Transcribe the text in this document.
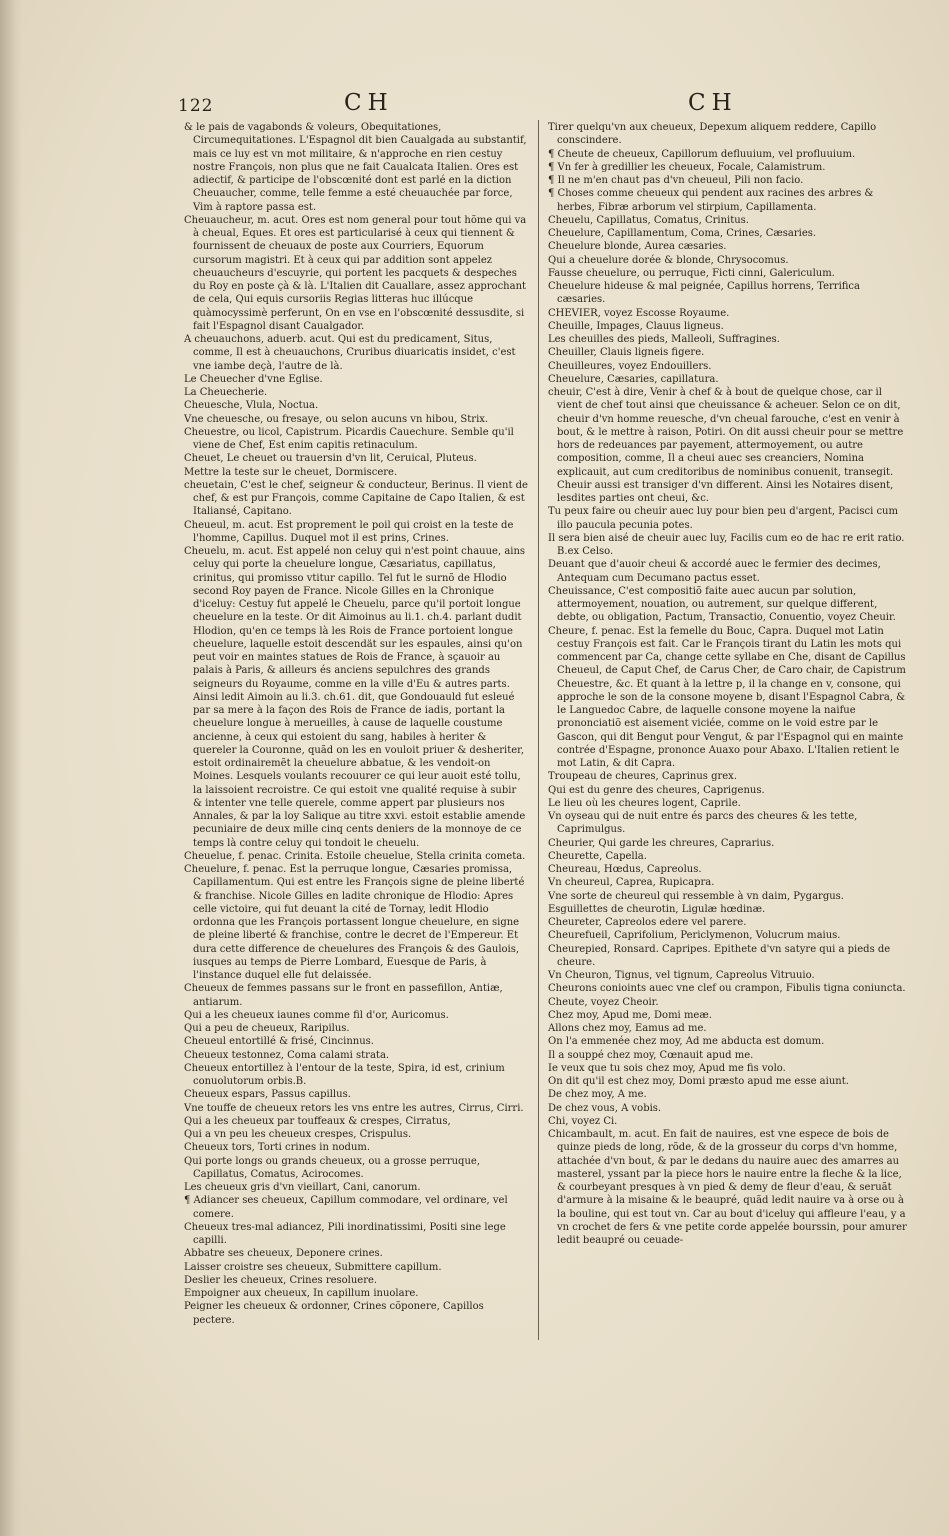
122	CH	CH

& le pais de vagabonds & voleurs, Obequitationes, Circumequitationes. L'Espagnol dit bien Caualgada au substantif, mais ce luy est vn mot militaire, & n'approche en rien cestuy nostre François, non plus que ne fait Caualcata Italien. Ores est adiectif, & participe de l'obscœnité dont est parlé en la diction Cheuaucher, comme, telle femme a esté cheuauchée par force, Vim à raptore passa est.

Cheuaucheur, m. acut. Ores est nom general pour tout hõme qui va à cheual, Eques. Et ores est particularisé à ceux qui tiennent & fournissent de cheuaux de poste aux Courriers, Equorum cursorum magistri. Et à ceux qui par addition sont appelez cheuaucheurs d'escuyrie, qui portent les pacquets & despeches du Roy en poste çà & là. L'Italien dit Cauallare, assez approchant de cela, Qui equis cursoriis Regias litteras huc illúcque quàmocyssimè perferunt, On en vse en l'obscœnité dessusdite, si fait l'Espagnol disant Caualgador.

A cheuauchons, aduerb. acut. Qui est du predicament, Situs, comme, Il est à cheuauchons, Cruribus diuaricatis insidet, c'est vne iambe deçà, l'autre de là.

Le Cheuecher d'vne Eglise.

La Cheuecherie.

Cheuesche, Vlula, Noctua.

Vne cheuesche, ou fresaye, ou selon aucuns vn hibou, Strix.

Cheuestre, ou licol, Capistrum. Picardis Cauechure. Semble qu'il viene de Chef, Est enim capitis retinaculum.

Cheuet, Le cheuet ou trauersin d'vn lit, Ceruical, Pluteus.

Mettre la teste sur le cheuet, Dormiscere.

cheuetain, C'est le chef, seigneur & conducteur, Berinus. Il vient de chef, & est pur François, comme Capitaine de Capo Italien, & est Italiansé, Capitano.

Cheueul, m. acut. Est proprement le poil qui croist en la teste de l'homme, Capillus. Duquel mot il est prins, Crines.

Cheuelu, m. acut. Est appelé non celuy qui n'est point chauue, ains celuy qui porte la cheuelure longue, Cæsariatus, capillatus, crinitus, qui promisso vtitur capillo. Tel fut le surnõ de Hlodio second Roy payen de France. Nicole Gilles en la Chronique d'iceluy: Cestuy fut appelé le Cheuelu, parce qu'il portoit longue cheuelure en la teste. Or dit Aimoinus au li.1. ch.4. parlant dudit Hlodion, qu'en ce temps là les Rois de France portoient longue cheuelure, laquelle estoit descendät sur les espaules, ainsi qu'on peut voir en maintes statues de Rois de France, à sçauoir au palais à Paris, & ailleurs és anciens sepulchres des grands seigneurs du Royaume, comme en la ville d'Eu & autres parts. Ainsi ledit Aimoin au li.3. ch.61. dit, que Gondouauld fut esleué par sa mere à la façon des Rois de France de iadis, portant la cheuelure longue à merueilles, à cause de laquelle coustume ancienne, à ceux qui estoient du sang, habiles à heriter & quereler la Couronne, quãd on les en vouloit priuer & desheriter, estoit ordinairemẽt la cheuelure abbatue, & les vendoit-on Moines. Lesquels voulants recouurer ce qui leur auoit esté tollu, la laissoient recroistre. Ce qui estoit vne qualité requise à subir & intenter vne telle querele, comme appert par plusieurs nos Annales, & par la loy Salique au titre xxvi. estoit establie amende pecuniaire de deux mille cinq cents deniers de la monnoye de ce temps là contre celuy qui tondoit le cheuelu.

Cheuelue, f. penac. Crinita. Estoile cheuelue, Stella crinita cometa.

Cheuelure, f. penac. Est la perruque longue, Cæsaries promissa, Capillamentum. Qui est entre les François signe de pleine liberté & franchise. Nicole Gilles en ladite chronique de Hlodio: Apres celle victoire, qui fut deuant la cité de Tornay, ledit Hlodio ordonna que les François portassent longue cheuelure, en signe de pleine liberté & franchise, contre le decret de l'Empereur. Et dura cette difference de cheuelures des François & des Gaulois, iusques au temps de Pierre Lombard, Euesque de Paris, à l'instance duquel elle fut delaissée.

Cheueux de femmes passans sur le front en passefillon, Antiæ, antiarum.

Qui a les cheueux iaunes comme fil d'or, Auricomus.

Qui a peu de cheueux, Raripilus.

Cheueul entortillé & frisé, Cincinnus.

Cheueux testonnez, Coma calami strata.

Cheueux entortillez à l'entour de la teste, Spira, id est, crinium conuolutorum orbis.B.

Cheueux espars, Passus capillus.

Vne touffe de cheueux retors les vns entre les autres, Cirrus, Cirri.

Qui a les cheueux par touffeaux & crespes, Cirratus,

Qui a vn peu les cheueux crespes, Crispulus.

Cheueux tors, Torti crines in nodum.

Qui porte longs ou grands cheueux, ou a grosse perruque, Capillatus, Comatus, Acirocomes.

Les cheueux gris d'vn vieillart, Cani, canorum.

¶ Adiancer ses cheueux, Capillum commodare, vel ordinare, vel comere.

Cheueux tres-mal adiancez, Pili inordinatissimi, Positi sine lege capilli.

Abbatre ses cheueux, Deponere crines.

Laisser croistre ses cheueux, Submittere capillum.

Deslier les cheueux, Crines resoluere.

Empoigner aux cheueux, In capillum inuolare.

Peigner les cheueux & ordonner, Crines cõponere, Capillos pectere.

Tirer quelqu'vn aux cheueux, Depexum aliquem reddere, Capillo conscindere.

¶ Cheute de cheueux, Capillorum defluuium, vel profluuium.

¶ Vn fer à gredillier les cheueux, Focale, Calamistrum.

¶ Il ne m'en chaut pas d'vn cheueul, Pili non facio.

¶ Choses comme cheueux qui pendent aux racines des arbres & herbes, Fibræ arborum vel stirpium, Capillamenta.

Cheuelu, Capillatus, Comatus, Crinitus.

Cheuelure, Capillamentum, Coma, Crines, Cæsaries.

Cheuelure blonde, Aurea cæsaries.

Qui a cheuelure dorée & blonde, Chrysocomus.

Fausse cheuelure, ou perruque, Ficti cinni, Galericulum.

Cheuelure hideuse & mal peignée, Capillus horrens, Terrifica cæsaries.

CHEVIER, voyez Escosse Royaume.

Cheuille, Impages, Clauus ligneus.

Les cheuilles des pieds, Malleoli, Suffragines.

Cheuiller, Clauis ligneis figere.

Cheuilleures, voyez Endouillers.

Cheuelure, Cæsaries, capillatura.

cheuir, C'est à dire, Venir à chef & à bout de quelque chose, car il vient de chef tout ainsi que cheuissance & acheuer. Selon ce on dit, cheuir d'vn homme reuesche, d'vn cheual farouche, c'est en venir à bout, & le mettre à raison, Potiri. On dit aussi cheuir pour se mettre hors de redeuances par payement, attermoyement, ou autre composition, comme, Il a cheui auec ses creanciers, Nomina explicauit, aut cum creditoribus de nominibus conuenit, transegit. Cheuir aussi est transiger d'vn different. Ainsi les Notaires disent, lesdites parties ont cheui, &c.

Tu peux faire ou cheuir auec luy pour bien peu d'argent, Pacisci cum illo paucula pecunia potes.

Il sera bien aisé de cheuir auec luy, Facilis cum eo de hac re erit ratio. B.ex Celso.

Deuant que d'auoir cheui & accordé auec le fermier des decimes, Antequam cum Decumano pactus esset.

Cheuissance, C'est compositiõ faite auec aucun par solution, attermoyement, nouation, ou autrement, sur quelque different, debte, ou obligation, Pactum, Transactio, Conuentio, voyez Cheuir.

Cheure, f. penac. Est la femelle du Bouc, Capra. Duquel mot Latin cestuy François est fait. Car le François tirant du Latin les mots qui commencent par Ca, change cette syllabe en Che, disant de Capillus Cheueul, de Caput Chef, de Carus Cher, de Caro chair, de Capistrum Cheuestre, &c. Et quant à la lettre p, il la change en v, consone, qui approche le son de la consone moyene b, disant l'Espagnol Cabra, & le Languedoc Cabre, de laquelle consone moyene la naifue prononciatiõ est aisement viciée, comme on le void estre par le Gascon, qui dit Bengut pour Vengut, & par l'Espagnol qui en mainte contrée d'Espagne, prononce Auaxo pour Abaxo. L'Italien retient le mot Latin, & dit Capra.

Troupeau de cheures, Caprinus grex.

Qui est du genre des cheures, Caprigenus.

Le lieu où les cheures logent, Caprile.

Vn oyseau qui de nuit entre és parcs des cheures & les tette, Caprimulgus.

Cheurier, Qui garde les chreures, Caprarius.

Cheurette, Capella.

Cheureau, Hœdus, Capreolus.

Vn cheureul, Caprea, Rupicapra.

Vne sorte de cheureul qui ressemble à vn daim, Pygargus.

Esguillettes de cheurotin, Ligulæ hœdinæ.

Cheureter, Capreolos edere vel parere.

Cheurefueil, Caprifolium, Periclymenon, Volucrum maius.

Cheurepied, Ronsard. Capripes. Epithete d'vn satyre qui a pieds de cheure.

Vn Cheuron, Tignus, vel tignum, Capreolus Vitruuio.

Cheurons conioints auec vne clef ou crampon, Fibulis tigna coniuncta.

Cheute, voyez Cheoir.

Chez moy, Apud me, Domi meæ.

Allons chez moy, Eamus ad me.

On l'a emmenée chez moy, Ad me abducta est domum.

Il a souppé chez moy, Cœnauit apud me.

Ie veux que tu sois chez moy, Apud me fis volo.

On dit qu'il est chez moy, Domi præsto apud me esse aiunt.

De chez moy, A me.

De chez vous, A vobis.

Chi, voyez Ci.

Chicambault, m. acut. En fait de nauires, est vne espece de bois de quinze pieds de long, rõde, & de la grosseur du corps d'vn homme, attachée d'vn bout, & par le dedans du nauire auec des amarres au masterel, yssant par la piece hors le nauire entre la fleche & la lice, & courbeyant presques à vn pied & demy de fleur d'eau, & seruãt d'armure à la misaine & le beaupré, quãd ledit nauire va à orse ou à la bouline, qui est tout vn. Car au bout d'iceluy qui affleure l'eau, y a vn crochet de fers & vne petite corde appelée bourssin, pour amurer ledit beaupré ou ceuade-
